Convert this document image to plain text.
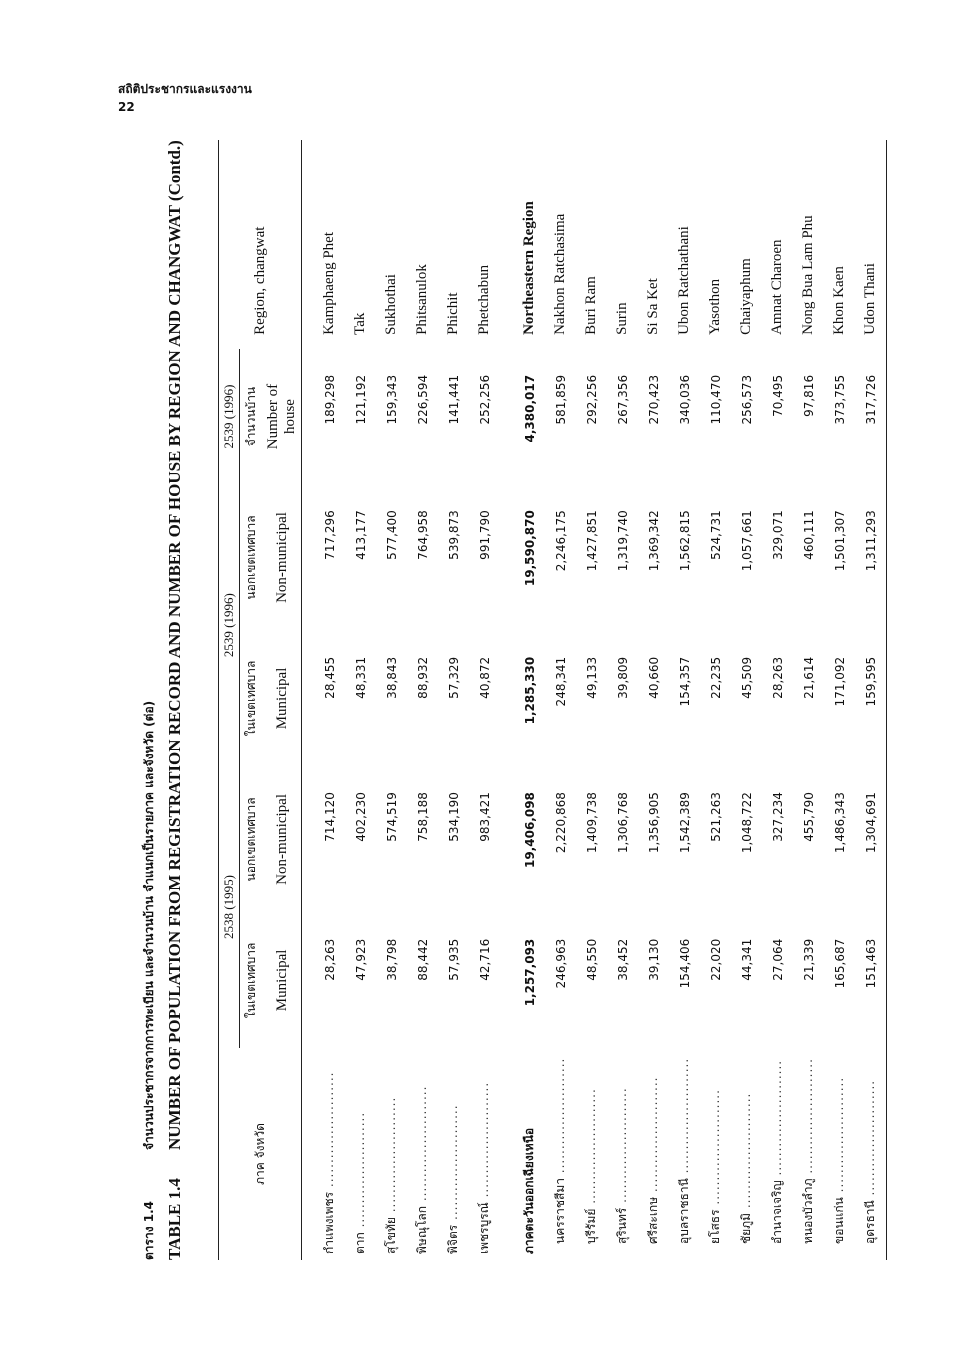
สถิติประชากรและแรงงาน
22
ตาราง 1.4
จำนวนประชากรจากการทะเบียน และจำนวนบ้าน จำแนกเป็นรายภาค และจังหวัด (ต่อ)
TABLE 1.4
NUMBER OF POPULATION FROM REGISTRATION RECORD AND NUMBER OF HOUSE BY REGION AND CHANGWAT (Contd.)

ภาค จังหวัด	2538 (1995)		2539 (1996)		2539 (1996)	Region, changwat
	ในเขตเทศบาล	นอกเขตเทศบาล	ในเขตเทศบาล	นอกเขตเทศบาล	จำนวนบ้าน	
	Municipal	Non-municipal	Municipal	Non-municipal	Number of
house	

กำแพงเพชร ........................	28,263	714,120	28,455	717,296	189,298	Kamphaeng Phet
ตาก ........................	47,923	402,230	48,331	413,177	121,192	Tak
สุโขทัย ........................	38,798	574,519	38,843	577,400	159,343	Sukhothai
พิษณุโลก ........................	88,442	758,188	88,932	764,958	226,594	Phitsanulok
พิจิตร ........................	57,935	534,190	57,329	539,873	141,441	Phichit
เพชรบูรณ์ ........................	42,716	983,421	40,872	991,790	252,256	Phetchabun

ภาคตะวันออกเฉียงเหนือ	1,257,093	19,406,098	1,285,330	19,590,870	4,380,017	Northeastern Region
นครราชสีมา ........................	246,963	2,220,868	248,341	2,246,175	581,859	Nakhon Ratchasima
บุรีรัมย์ ........................	48,550	1,409,738	49,133	1,427,851	292,256	Buri Ram
สุรินทร์ ........................	38,452	1,306,768	39,809	1,319,740	267,356	Surin
ศรีสะเกษ ........................	39,130	1,356,905	40,660	1,369,342	270,423	Si Sa Ket
อุบลราชธานี ........................	154,406	1,542,389	154,357	1,562,815	340,036	Ubon Ratchathani
ยโสธร ........................	22,020	521,263	22,235	524,731	110,470	Yasothon
ชัยภูมิ ........................	44,341	1,048,722	45,509	1,057,661	256,573	Chaiyaphum
อำนาจเจริญ ........................	27,064	327,234	28,263	329,071	70,495	Amnat Charoen
หนองบัวลำภู ........................	21,339	455,790	21,614	460,111	97,816	Nong Bua Lam Phu
ขอนแก่น ........................	165,687	1,486,343	171,092	1,501,307	373,755	Khon Kaen
อุดรธานี ........................	151,463	1,304,691	159,595	1,311,293	317,726	Udon Thani
